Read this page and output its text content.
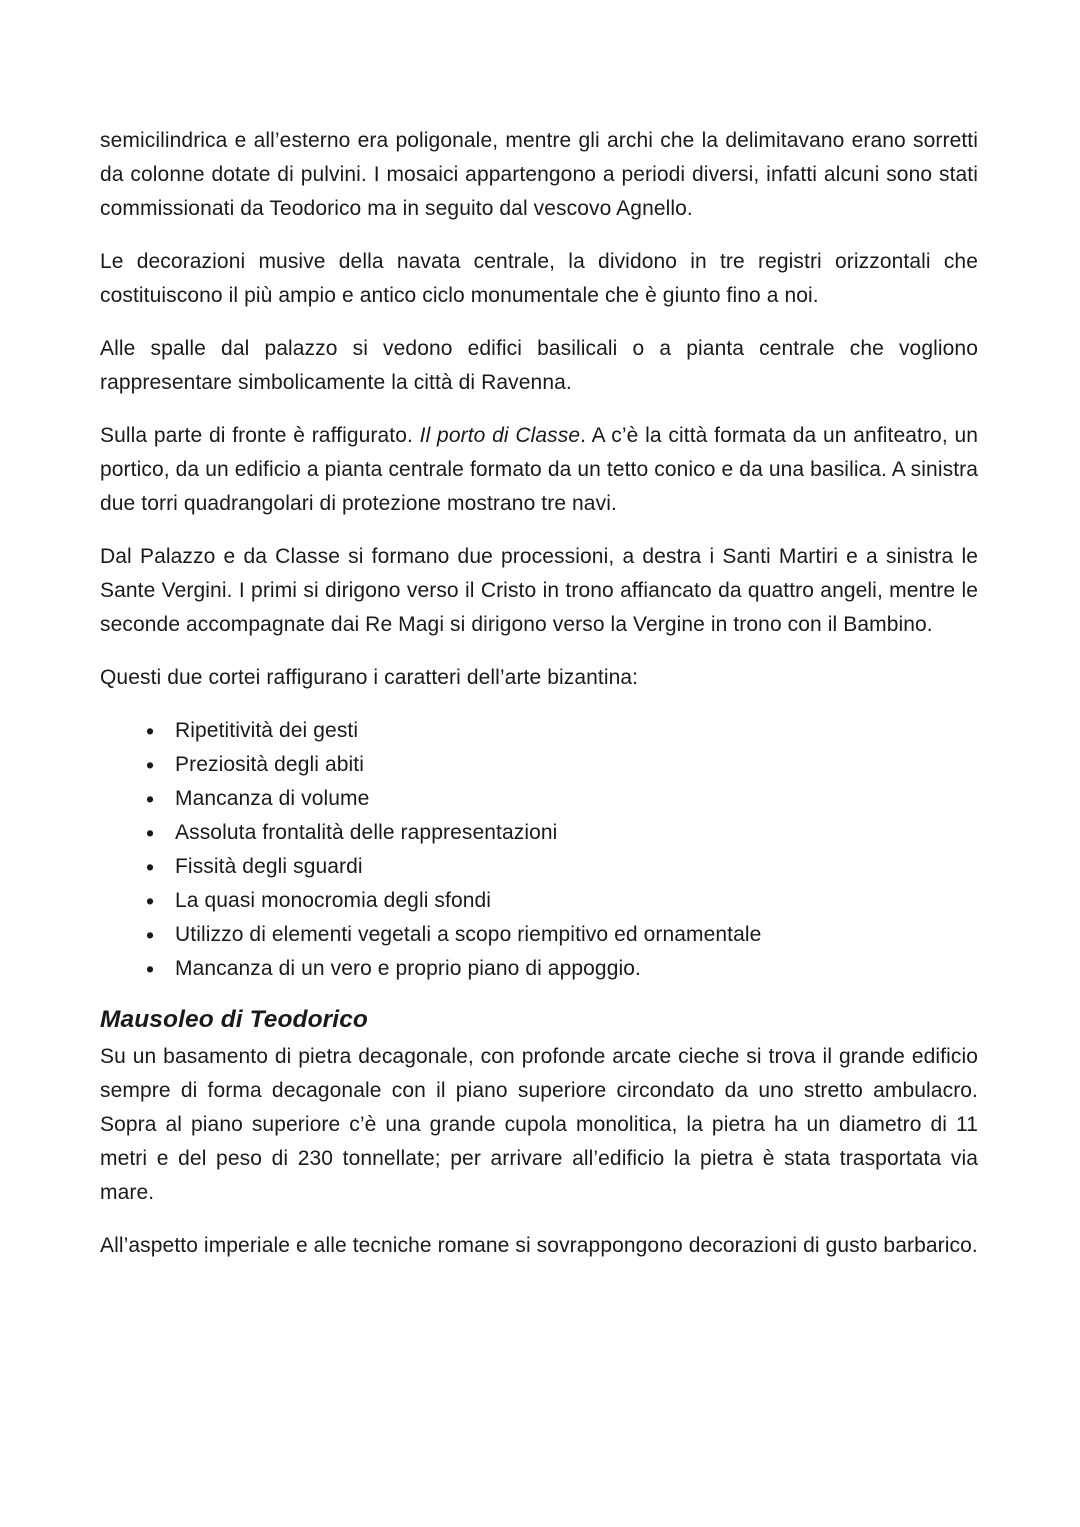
semicilindrica e all’esterno era poligonale, mentre gli archi che la delimitavano erano sorretti da colonne dotate di pulvini. I mosaici appartengono a periodi diversi, infatti alcuni sono stati commissionati da Teodorico ma in seguito dal vescovo Agnello.

Le decorazioni musive della navata centrale, la dividono in tre registri orizzontali che costituiscono il più ampio e antico ciclo monumentale che è giunto fino a noi.

Alle spalle dal palazzo si vedono edifici basilicali o a pianta centrale che vogliono rappresentare simbolicamente la città di Ravenna.

Sulla parte di fronte è raffigurato. Il porto di Classe. A c’è la città formata da un anfiteatro, un portico, da un edificio a pianta centrale formato da un tetto conico e da una basilica. A sinistra due torri quadrangolari di protezione mostrano tre navi.

Dal Palazzo e da Classe si formano due processioni, a destra i Santi Martiri e a sinistra le Sante Vergini. I primi si dirigono verso il Cristo in trono affiancato da quattro angeli, mentre le seconde accompagnate dai Re Magi si dirigono verso la Vergine in trono con il Bambino.

Questi due cortei raffigurano i caratteri dell’arte bizantina:

• Ripetitività dei gesti
• Preziosità degli abiti
• Mancanza di volume
• Assoluta frontalità delle rappresentazioni
• Fissità degli sguardi
• La quasi monocromia degli sfondi
• Utilizzo di elementi vegetali a scopo riempitivo ed ornamentale
• Mancanza di un vero e proprio piano di appoggio.
Mausoleo di Teodorico

Su un basamento di pietra decagonale, con profonde arcate cieche si trova il grande edificio sempre di forma decagonale con il piano superiore circondato da uno stretto ambulacro. Sopra al piano superiore c’è una grande cupola monolitica, la pietra ha un diametro di 11 metri e del peso di 230 tonnellate; per arrivare all’edificio la pietra è stata trasportata via mare.

All’aspetto imperiale e alle tecniche romane si sovrappongono decorazioni di gusto barbarico.
